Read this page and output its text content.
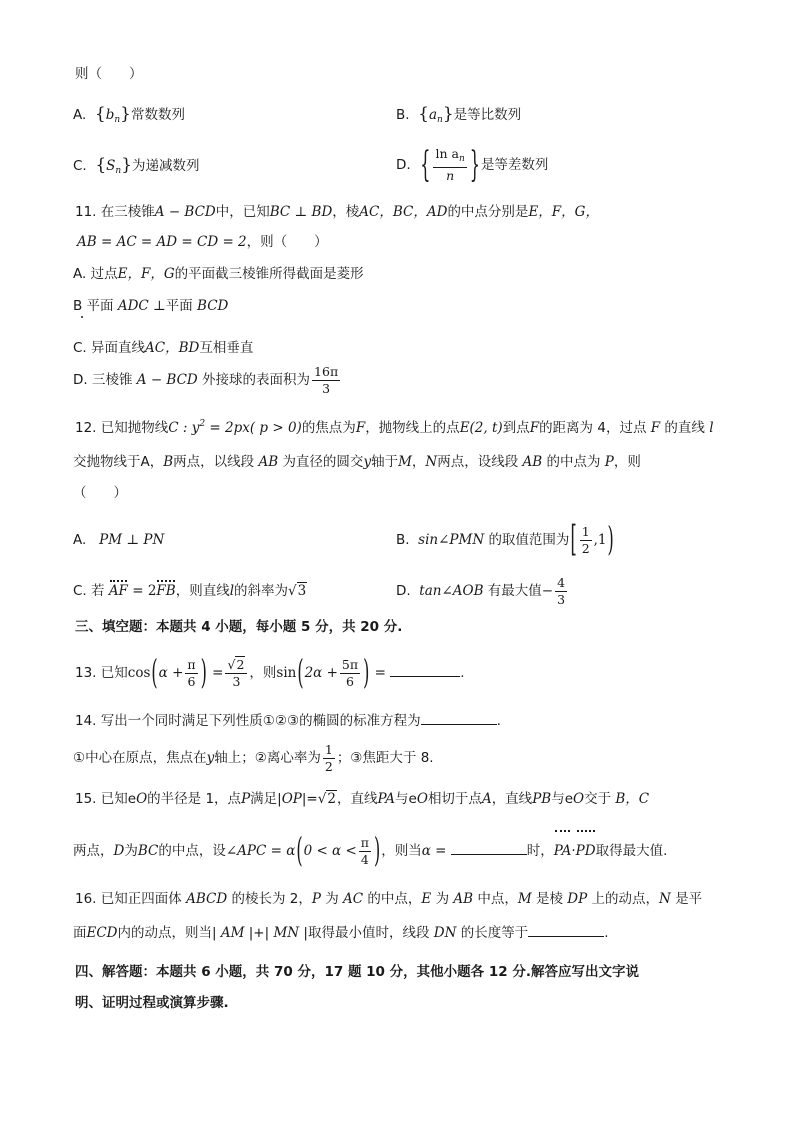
则（　　）
A. $\{b_n\}$常数数列	B. $\{a_n\}$是等比数列
C. $\{S_n\}$为递减数列	D. { $\frac{\ln a_n}{n}$ }是等差数列
11. 在三棱锥A − BCD中，已知BC ⊥ BD，棱AC，BC，AD的中点分别是E，F，G，
AB = AC = AD = CD = 2，则（　　）
A. 过点E，F，G的平面截三棱锥所得截面是菱形
B 平面 ADC ⊥平面 BCD
C. 异面直线AC，BD互相垂直
D. 三棱锥 A − BCD 外接球的表面积为 $\frac{16\pi}{3}$
12. 已知抛物线C : $y^2 = 2px$( p > 0)的焦点为F，抛物线上的点E(2, t)到点F的距离为 4，过点 F 的直线 l
交抛物线于A，B两点，以线段 AB 为直径的圆交y轴于M，N两点，设线段 AB 的中点为 P，则
（　　）
A. PM ⊥ PN	B. sin∠PMN 的取值范围为[ $\frac{1}{2} ,1$)
C. 若 AF = 2FB，则直线l的斜率为√3	D. tan∠AOB 有最大值− $\frac{4}{3}$
三、填空题：本题共 4 小题，每小题 5 分，共 20 分.
13. 已知$\cos(\alpha + \frac{\pi}{6}$ ) = $\frac{√2}{3}$ ，则$\sin(2\alpha + \frac{5\pi}{6}$ ) =	.
14. 写出一个同时满足下列性质①②③的椭圆的标准方程为	.
①中心在原点，焦点在y轴上；②离心率为 $\frac{1}{2}$ ；③焦距大于 8.
15. 已知eO的半径是 1，点P满足|OP|=√2，直线PA与eO相切于点A，直线PB与eO交于 B，C
两点，D为BC的中点，设∠APC = $\alpha(0 < \alpha < \frac{\pi}{4}$ )，则当α =	时，PA·PD取得最大值.
16. 已知正四面体 ABCD 的棱长为 2，P 为 AC 的中点，E 为 AB 中点，M 是棱 DP 上的动点，N 是平
面ECD内的动点，则当| AM |+| MN |取得最小值时，线段 DN 的长度等于	.
四、解答题：本题共 6 小题，共 70 分，17 题 10 分，其他小题各 12 分.解答应写出文字说
明、证明过程或演算步骤.
